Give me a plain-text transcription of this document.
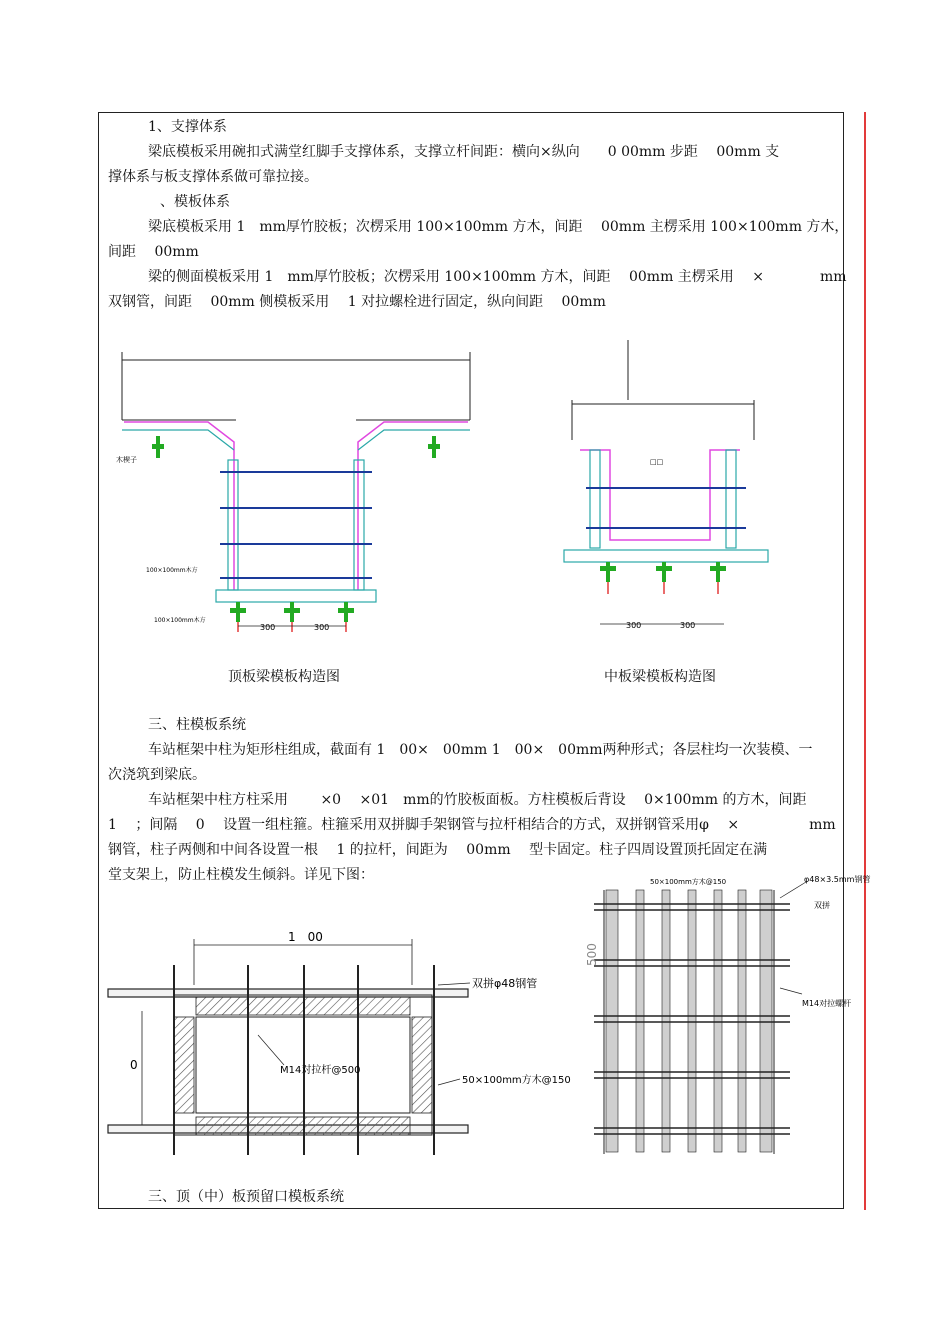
1、支撑体系
梁底模板采用碗扣式满堂红脚手支撑体系，支撑立杆间距：横向×纵向　　0 00mm 步距　 00mm 支
撑体系与板支撑体系做可靠拉接。
、模板体系
梁底模板采用 1　mm厚竹胶板；次楞采用 100×100mm 方木，间距　 00mm 主楞采用 100×100mm 方木，
间距　 00mm
梁的侧面模板采用 1　mm厚竹胶板；次楞采用 100×100mm 方木，间距　 00mm 主楞采用　 ×　　　　mm
双钢管，间距　 00mm 侧模板采用　 1 对拉螺栓进行固定，纵向间距　 00mm
木楔子
300	300
100×100mm木方
100×100mm木方
□□
300	300
顶板梁模板构造图	中板梁模板构造图
三、柱模板系统
车站框架中柱为矩形柱组成，截面有 1　00×　00mm 1　00×　00mm两种形式；各层柱均一次装模、一
次浇筑到梁底。
车站框架中柱方柱采用　　 ×0　 ×01　mm的竹胶板面板。方柱模板后背设　 0×100mm 的方木，间距
1　 ；间隔　 0　 设置一组柱箍。柱箍采用双拼脚手架钢管与拉杆相结合的方式，双拼钢管采用φ　 ×　　　　　mm
钢管，柱子两侧和中间各设置一根　 1 的拉杆，间距为　 00mm　 型卡固定。柱子四周设置顶托固定在满
堂支架上，防止柱模发生倾斜。详见下图：
1　00
0
双拼φ48钢管
M14对拉杆@500
50×100mm方木@150
φ48×3.5mm钢管
双拼
M14对拉螺杆
500
50×100mm方木@150
三、顶（中）板预留口模板系统
